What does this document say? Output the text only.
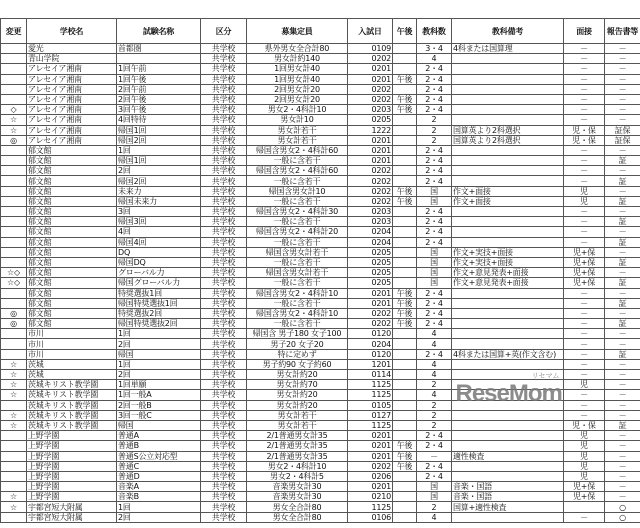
変更	学校名	試験名称	区分	募集定員	入試日	午後	教科数	教科備考	面接	報告書等
	愛光	首都圏	共学校	県外男女全合計80	0109		3・4	4科または国算理	－	－
	青山学院		共学校	男女計約140	0202		4		－	－
	アレセイア湘南	1回午前	共学校	1回男女計40	0201		2・4		－	－
	アレセイア湘南	1回午後	共学校	1回男女計40	0201	午後	2・4		－	－
	アレセイア湘南	2回午前	共学校	2回男女計20	0202		2・4		－	－
	アレセイア湘南	2回午後	共学校	2回男女計20	0202	午後	2・4		－	－
◇	アレセイア湘南	3回午後	共学校	男女2・4科計10	0203	午後	2・4		－	－
☆	アレセイア湘南	4回特待	共学校	男女計10	0205		2		－	－
☆	アレセイア湘南	帰国1回	共学校	男女計若干	1222		2	国算英より2科選択	児・保	証保
◎	アレセイア湘南	帰国2回	共学校	男女計若干	0201		2	国算英より2科選択	児・保	証保
	郁文館	1回	共学校	帰国含男女2・4科計60	0201		2・4		－	－
	郁文館	帰国1回	共学校	一般に含若干	0201		2・4		－	証
	郁文館	2回	共学校	帰国含男女2・4科計60	0202		2・4		－	－
	郁文館	帰国2回	共学校	一般に含若干	0202		2・4		－	証
	郁文館	未来力	共学校	帰国含男女計10	0202	午後	国	作文+面接	児	－
	郁文館	帰国未来力	共学校	一般に含若干	0202	午後	国	作文+面接	児	証
	郁文館	3回	共学校	帰国含男女2・4科計30	0203		2・4		－	－
	郁文館	帰国3回	共学校	一般に含若干	0203		2・4		－	証
	郁文館	4回	共学校	帰国含男女2・4科計20	0204		2・4		－	－
	郁文館	帰国4回	共学校	一般に含若干	0204		2・4		－	証
	郁文館	DQ	共学校	帰国含男女計若干	0205		国	作文+実技+面接	児+保	－
	郁文館	帰国DQ	共学校	一般に含若干	0205		国	作文+実技+面接	児+保	証
☆◇	郁文館	グローバル力	共学校	帰国含男女計若干	0205		国	作文+意見発表+面接	児+保	－
☆◇	郁文館	帰国グローバル力	共学校	一般に含若干	0205		国	作文+意見発表+面接	児+保	証
	郁文館	特奨選抜1回	共学校	帰国含男女2・4科計10	0201	午後	2・4		－	－
	郁文館	帰国特奨選抜1回	共学校	一般に含若干	0201	午後	2・4		－	証
◎	郁文館	特奨選抜2回	共学校	帰国含男女2・4科計10	0202	午後	2・4		－	－
◎	郁文館	帰国特奨選抜2回	共学校	一般に含若干	0202	午後	2・4		－	証
	市川	1回	共学校	帰国含 男子180 女子100	0120		4		－	－
	市川	2回	共学校	男子20 女子20	0204		4		－	－
	市川	帰国	共学校	特に定めず	0120		2・4	4科または国算+英(作文含む)	－	証
☆	茨城	1回	共学校	男子約90 女子約60	1201		4		－	－
☆	茨城	2回	共学校	男女計約20	0114		4		－	－
☆	茨城キリスト教学園	1回単願	共学校	男女計約70	1125		2		児	－
☆	茨城キリスト教学園	1回一般A	共学校	男女計約20	1125		4		－	－
	茨城キリスト教学園	2回一般B	共学校	男女計約20	0105		2		－	－
☆	茨城キリスト教学園	3回一般C	共学校	男女計若干	0127		2		－	－
☆	茨城キリスト教学園	帰国	共学校	男女計若干	1125		2		児・保	証
	上野学園	普通A	共学校	2/1普通男女計35	0201		2・4		児	－
	上野学園	普通B	共学校	2/1普通男女計35	0201	午後	2・4		児	－
	上野学園	普通S公立対応型	共学校	2/1普通男女計35	0201	午後	－	適性検査	児	－
	上野学園	普通C	共学校	男女2・4科計10	0202	午後	2・4		児	－
	上野学園	普通D	共学校	男女2・4科計5	0206		2・4		児	－
	上野学園	音楽A	共学校	音楽男女計30	0201		国	音楽・国語	児+保	－
☆	上野学園	音楽B	共学校	音楽男女計30	0210		国	音楽・国語	児+保	－
☆	宇都宮短大附属	1回	共学校	男女全合計80	1125		2	国算+適性検査		○
	宇都宮短大附属	2回	共学校	男女全合計80	0106		4		－	○
リセマム
ReseMom
